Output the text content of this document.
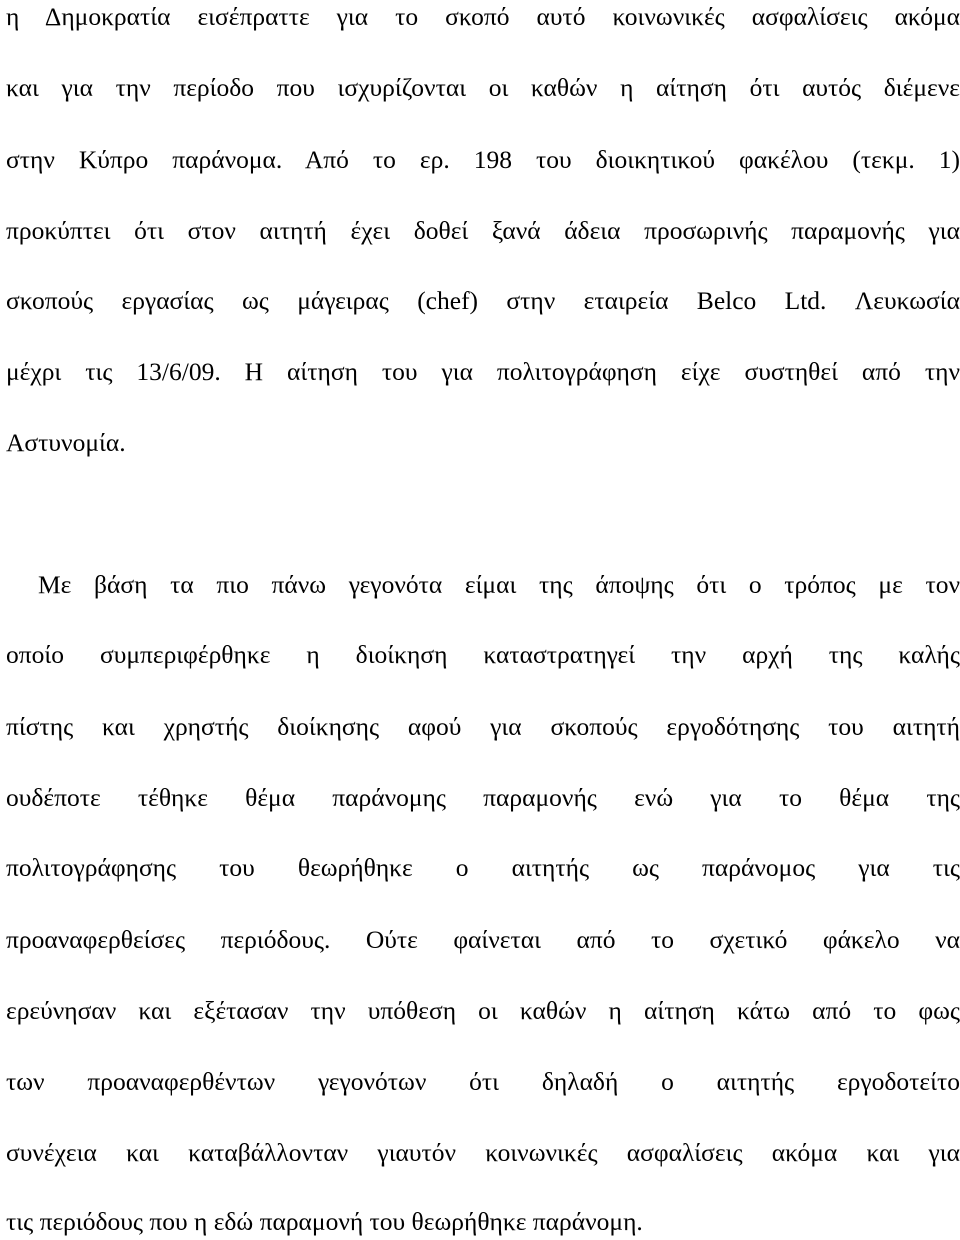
η Δημοκρατία εισέπραττε για το σκοπό αυτό κοινωνικές ασφαλίσεις ακόμα
και για την περίοδο που ισχυρίζονται οι καθών η αίτηση ότι αυτός διέμενε
στην Κύπρο παράνομα. Από το ερ. 198 του διοικητικού φακέλου (τεκμ. 1)
προκύπτει ότι στον αιτητή έχει δοθεί ξανά άδεια προσωρινής παραμονής για
σκοπούς εργασίας ως μάγειρας (chef) στην εταιρεία Belco Ltd. Λευκωσία
μέχρι τις 13/6/09. Η αίτηση του για πολιτογράφηση είχε συστηθεί από την
Αστυνομία.
Με βάση τα πιο πάνω γεγονότα είμαι της άποψης ότι ο τρόπος με τον
οποίο συμπεριφέρθηκε η διοίκηση καταστρατηγεί την αρχή της καλής
πίστης και χρηστής διοίκησης αφού για σκοπούς εργοδότησης του αιτητή
ουδέποτε τέθηκε θέμα παράνομης παραμονής ενώ για το θέμα της
πολιτογράφησης του θεωρήθηκε ο αιτητής ως παράνομος για τις
προαναφερθείσες περιόδους. Ούτε φαίνεται από το σχετικό φάκελο να
ερεύνησαν και εξέτασαν την υπόθεση οι καθών η αίτηση κάτω από το φως
των προαναφερθέντων γεγονότων ότι δηλαδή ο αιτητής εργοδοτείτο
συνέχεια και καταβάλλονταν γιαυτόν κοινωνικές ασφαλίσεις ακόμα και για
τις περιόδους που η εδώ παραμονή του θεωρήθηκε παράνομη.
